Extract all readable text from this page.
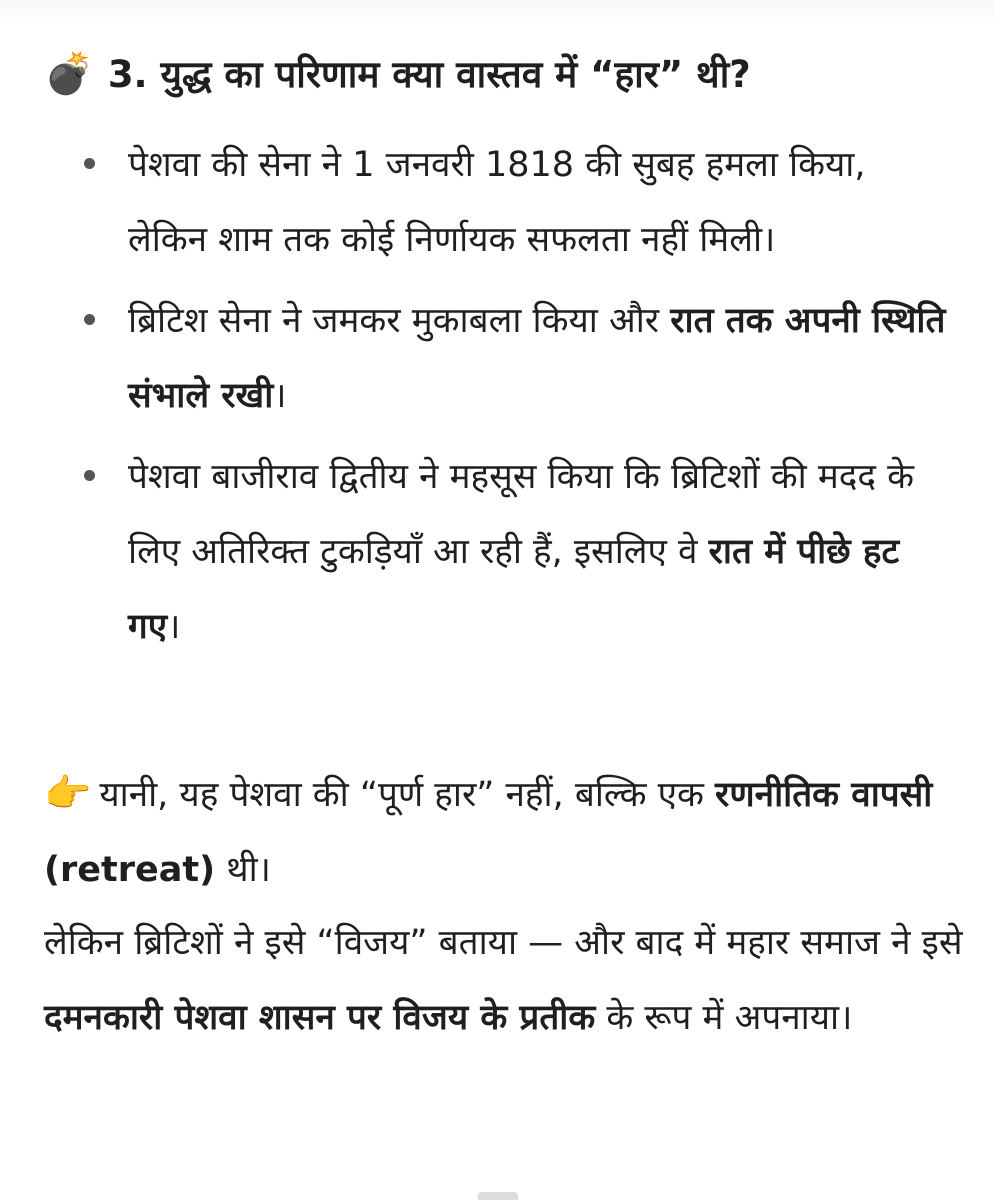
💣 3. युद्ध का परिणाम क्या वास्तव में “हार” थी?
पेशवा की सेना ने 1 जनवरी 1818 की सुबह हमला किया, लेकिन शाम तक कोई निर्णायक सफलता नहीं मिली।
ब्रिटिश सेना ने जमकर मुकाबला किया और रात तक अपनी स्थिति संभाले रखी।
पेशवा बाजीराव द्वितीय ने महसूस किया कि ब्रिटिशों की मदद के लिए अतिरिक्त टुकड़ियाँ आ रही हैं, इसलिए वे रात में पीछे हट गए।
👉 यानी, यह पेशवा की “पूर्ण हार” नहीं, बल्कि एक रणनीतिक वापसी (retreat) थी।
लेकिन ब्रिटिशों ने इसे “विजय” बताया — और बाद में महार समाज ने इसे दमनकारी पेशवा शासन पर विजय के प्रतीक के रूप में अपनाया।
